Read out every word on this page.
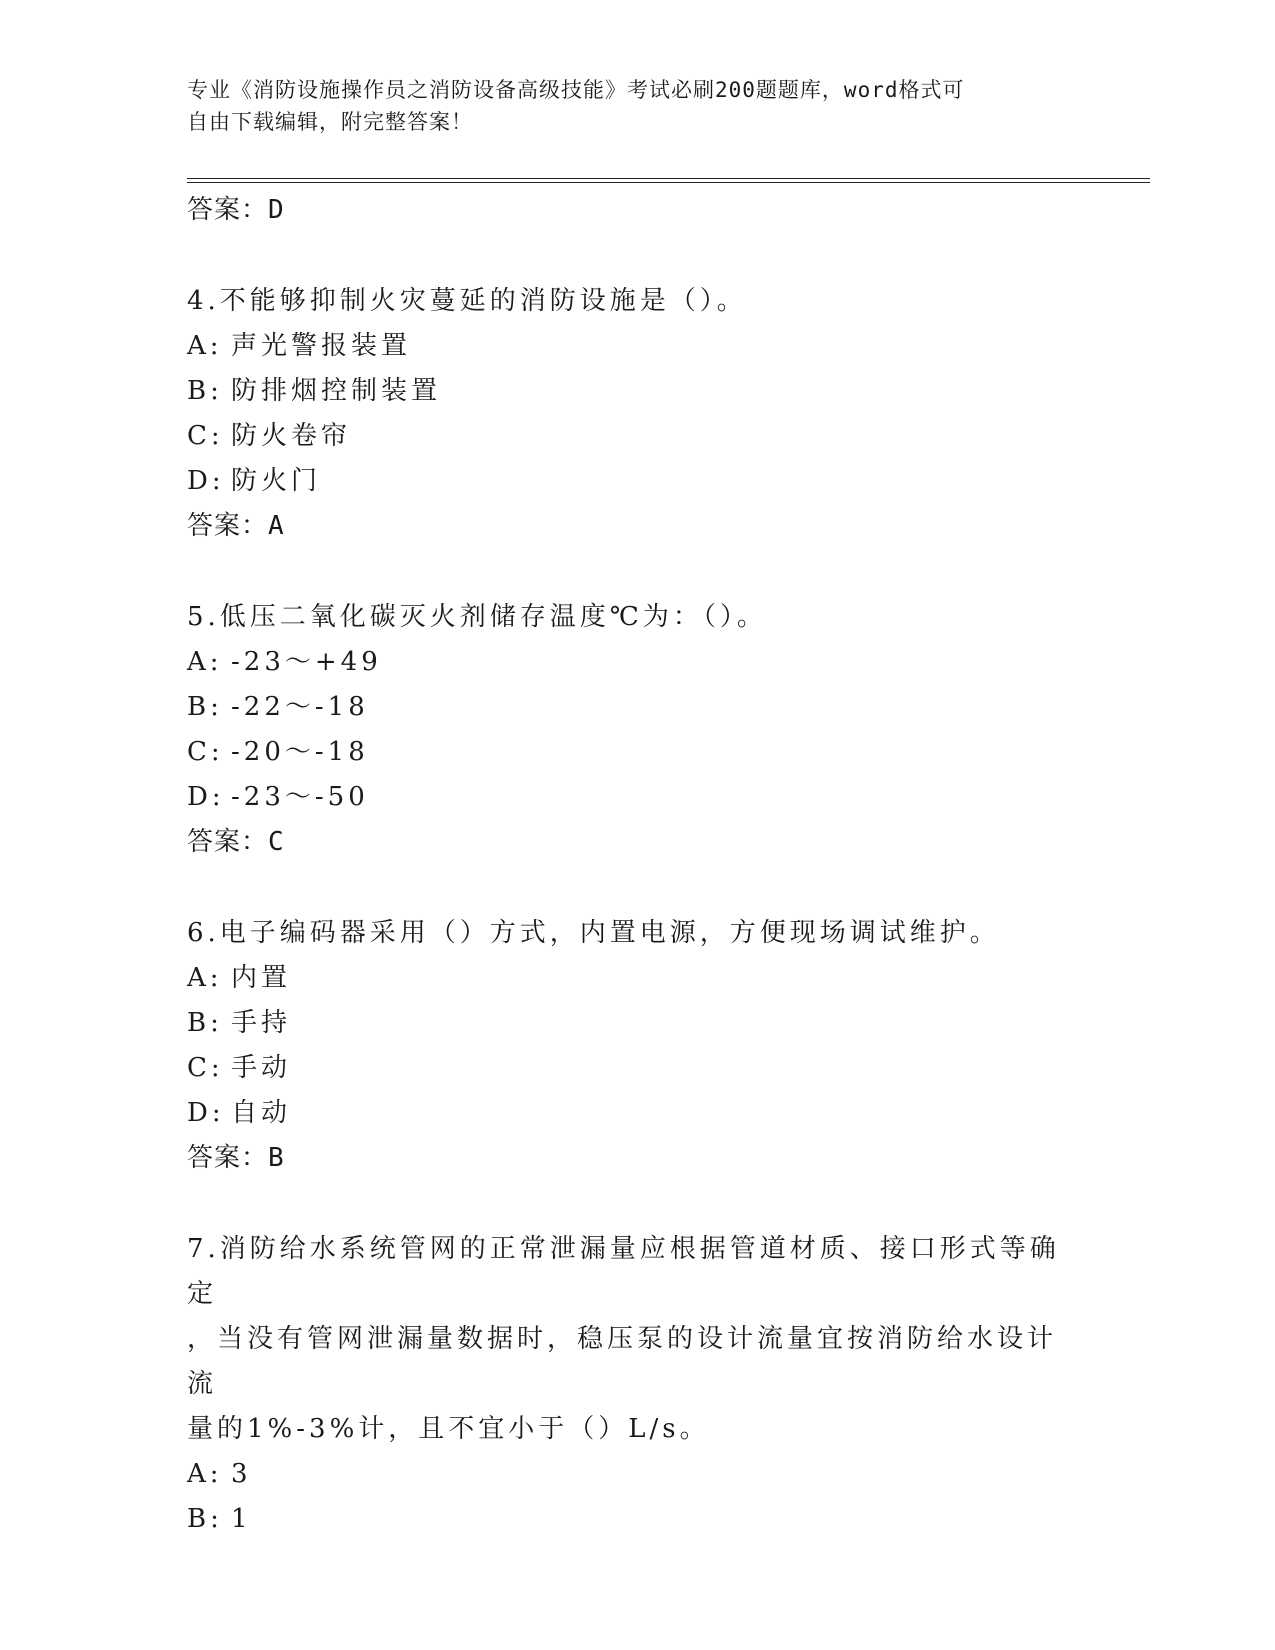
专业《消防设施操作员之消防设备高级技能》考试必刷200题题库，word格式可
自由下载编辑，附完整答案！
答案：D
4.不能够抑制火灾蔓延的消防设施是（）。
A: 声光警报装置
B: 防排烟控制装置
C: 防火卷帘
D: 防火门
答案：A
5.低压二氧化碳灭火剂储存温度℃为：（）。
A: -23～+49
B: -22～-18
C: -20～-18
D: -23～-50
答案：C
6.电子编码器采用（）方式，内置电源，方便现场调试维护。
A: 内置
B: 手持
C: 手动
D: 自动
答案：B
7.消防给水系统管网的正常泄漏量应根据管道材质、接口形式等确定
，当没有管网泄漏量数据时，稳压泵的设计流量宜按消防给水设计流
量的1%-3%计，且不宜小于（）L/s。
A: 3
B: 1
